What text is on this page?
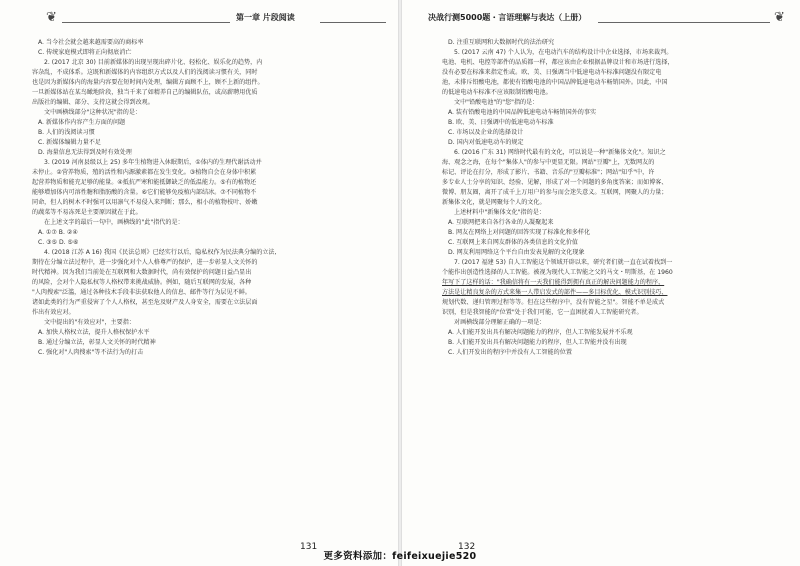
❦	第一章 片段阅读
A. 当今社会就会越来越需要高的商标率
C. 传统家庭模式即将正向彻底消亡
2. (2017 北京 30) 目前新媒体的出现呈现出碎片化、轻松化、娱乐化的趋势，内
容杂乱，不成体系。这既和新媒体的内容组织方式以及人们的浅阅读习惯有关，同时
也是因为新媒体内的海量内容要在短时间内处理，编辑方面顾不上，顾不上新的组件。
一旦新媒体站在某鸟瞰地阶段，独当千来了如精养自己的编辑队伍，或高薪聘用优质
出版社的编辑、部分、支持这就会得到改观。
文中画横线部分"这种状况"指的是：
A. 新媒体作内容产生方面的问题
B. 人们的浅阅读习惯
C. 新媒体编辑力量不足
D. 海量信息无法得到及时有效处理
3. (2019 河南县级以上 25) 多年生植物进入休眠期后，①体内的生理代谢活动并
未停止。②营养物质，殖的活性和内源激素都在发生变化。③植物自会在身体中积累
起营养物质和能充足够的能量。④抵抗严寒和能抵御缺乏的低温能力。⑤有的植物还
能够增加体内可溶性糖和脂肪酸的含量。⑥它们能够免疫植内部结冰。⑦不同植物不
同命，但人的树木不时强可以用凛气不易侵入来判断；那么，相小的植物枝叶、娇嫩
的蔬菜等不易冻死是主要原因就在于此。
在上述文字的最后一句中，画横线的"此"指代的是：
A. ①⑦ B. ②④
C. ③⑤ D. ⑤⑥
4. (2018 江苏 A 16) 我国《民法总则》已经实行以后，隐私权作为民法典分编的立法,
期待在分编立法过程中，进一步强化对个人人格尊严的保护，进一步彰显人文关怀的
时代精神。因为我们当前处在互联网和大数据时代，尚有效保护的问题日益凸显出
的风险，会对个人隐私权等人格权带来挑战威胁。例如，随后互联网的发展，各种
"人肉搜索"泛滥，通过各种技术手段非法获取他人的信息、邮件等行为层见不鲜。
诸如此类的行为严重侵害了个人人格权，甚至危及财产及人身安全，需要在立法层面
作出有效应对。
文中提出的"有效应对"，主要指：
A. 加快人格权立法，提升人格权保护水平
B. 通过分编立法，彰显人文关怀的时代精神
C. 强化对"人肉搜索"等不法行为的打击
131
决战行测5000题・言语理解与表达（上册）	❦
D. 注重互联网和大数据时代的法治研究
5. (2017 云南 47) 个人认为，在电动汽车的结构设计中企业选择，市场来裁判。
电池、电机、电控等部件的品质都一样，都应该由企业根据品牌设计和市场进行选择，
没有必要在标准来指定性或。欧、美、日强调当中低速电动车标准问题没有限定电
池，未排斥铅酸电池，都使有铅酸电池的中国品牌低速电动车畅销国外。因此，中国
的低速电动车标准不应该限制铅酸电池。
文中"铅酸电池"的"您"指的是：
A. 装有铅酸电池的中国品牌低速电动车畅销国外的事实
B. 欧、美、日强调中的低速电动车标准
C. 市场以及企业的选择设计
D. 国内对低速电动车的规定
6. (2016 广东 31) 网络时代最有的文化，可以说是一种"新集体文化"。知识之
海、观念之海，在每个"集体人"的参与中更显无限。网站"豆瓣"上，无数网友的
标记、评论在打分，形成了影片、书籍、音乐的"豆瓣标准"；网站"知乎"中，许
多专业人士分享的知识、经验、见解，形成了对一个问题的多角度答案；而如博客、
微博、朋友圈，离开了成千上万用户的参与而会迷失意义。互联网，网聚人的力量；
新集体文化，就是网聚每个人的文化。
上述材料中"新集体文化"指的是：
A. 互联网把来自各行各业的人凝聚起来
B. 网友在网络上对问题的回答实现了标准化和多样化
C. 互联网上来自网友群体的各类信息的文化价值
D. 网友利用网络这个平台自由发表见解的文化现象
7. (2017 福建 53) 自人工智能这个领域开辟以来，研究者们就一直在试着找到一
个能作出创造性选择的人工智能。被视为现代人工智能之父的马文・明斯基，在 1960
年写下了这样的话："我确信将有一天我们能得到拥有真正的解决问题能力的程序，
方法是让精良复杂的方式来集一人带启发式的部件——多目标优化、模式识别技巧、
规划代数、递归管理过程等等。但在这些程序中，没有智能之星"。智能不单是成式
识别，但是我智能的"位置"处于我们可能，它一直困扰着人工智能研究者。
对画横线部分理解正确的一项是：
A. 人们能开发出具有解决问题能力的程序，但人工智能发展并不乐观
B. 人们能开发出具有解决问题能力的程序，但人工智能并没有出现
C. 人们开发出的程序中并没有人工智能的位置
132
更多资料添加：feifeixuejie520
